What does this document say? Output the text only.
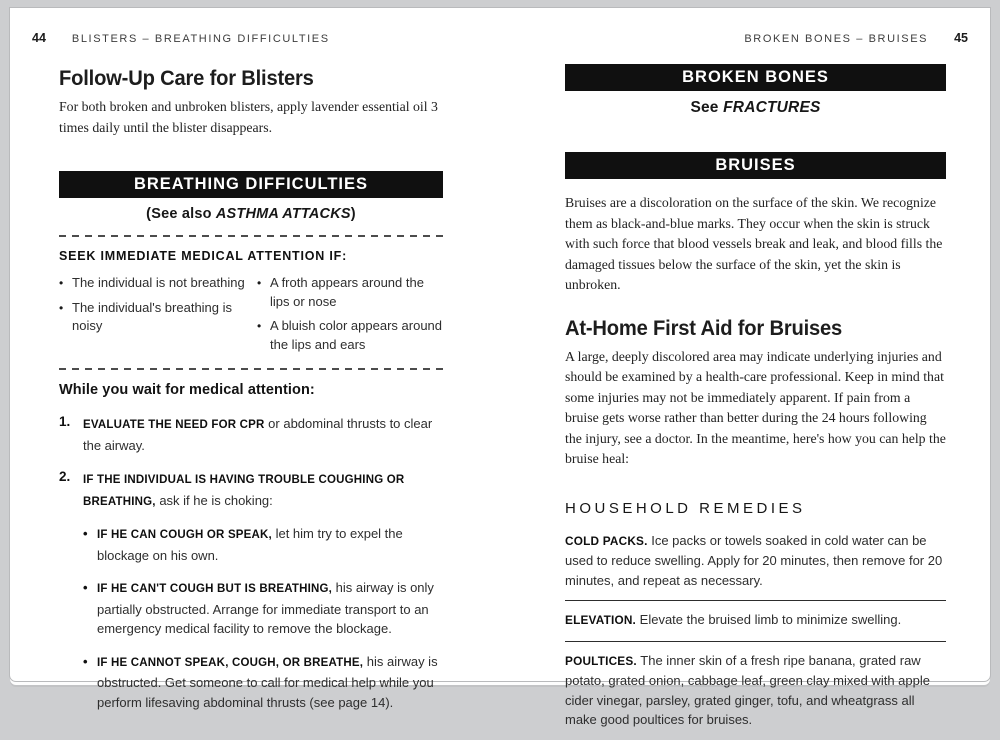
44 BLISTERS – BREATHING DIFFICULTIES	BROKEN BONES – BRUISES 45
Follow-Up Care for Blisters

For both broken and unbroken blisters, apply lavender essential oil 3 times daily until the blister disappears.

BREATHING DIFFICULTIES
(See also ASTHMA ATTACKS)
SEEK IMMEDIATE MEDICAL ATTENTION IF:
• The individual is not breathing
• The individual's breathing is noisy
• A froth appears around the lips or nose
• A bluish color appears around the lips and ears
While you wait for medical attention:
1.	EVALUATE THE NEED FOR CPR or abdominal thrusts to clear the airway.
2.	IF THE INDIVIDUAL IS HAVING TROUBLE COUGHING OR BREATHING, ask if he is choking:
• IF HE CAN COUGH OR SPEAK, let him try to expel the blockage on his own.
• IF HE CAN'T COUGH BUT IS BREATHING, his airway is only partially obstructed. Arrange for immediate transport to an emergency medical facility to remove the blockage.
• IF HE CANNOT SPEAK, COUGH, OR BREATHE, his airway is obstructed. Get someone to call for medical help while you perform lifesaving abdominal thrusts (see page 14).
BROKEN BONES
See FRACTURES
BRUISES

Bruises are a discoloration on the surface of the skin. We recognize them as black-and-blue marks. They occur when the skin is struck with such force that blood vessels break and leak, and blood fills the damaged tissues below the surface of the skin, yet the skin is unbroken.

At-Home First Aid for Bruises

A large, deeply discolored area may indicate underlying injuries and should be examined by a health-care professional. Keep in mind that some injuries may not be immediately apparent. If pain from a bruise gets worse rather than better during the 24 hours following the injury, see a doctor. In the meantime, here's how you can help the bruise heal:

HOUSEHOLD REMEDIES
COLD PACKS. Ice packs or towels soaked in cold water can be used to reduce swelling. Apply for 20 minutes, then remove for 20 minutes, and repeat as necessary.
ELEVATION. Elevate the bruised limb to minimize swelling.
POULTICES. The inner skin of a fresh ripe banana, grated raw potato, grated onion, cabbage leaf, green clay mixed with apple cider vinegar, parsley, grated ginger, tofu, and wheatgrass all make good poultices for bruises.
